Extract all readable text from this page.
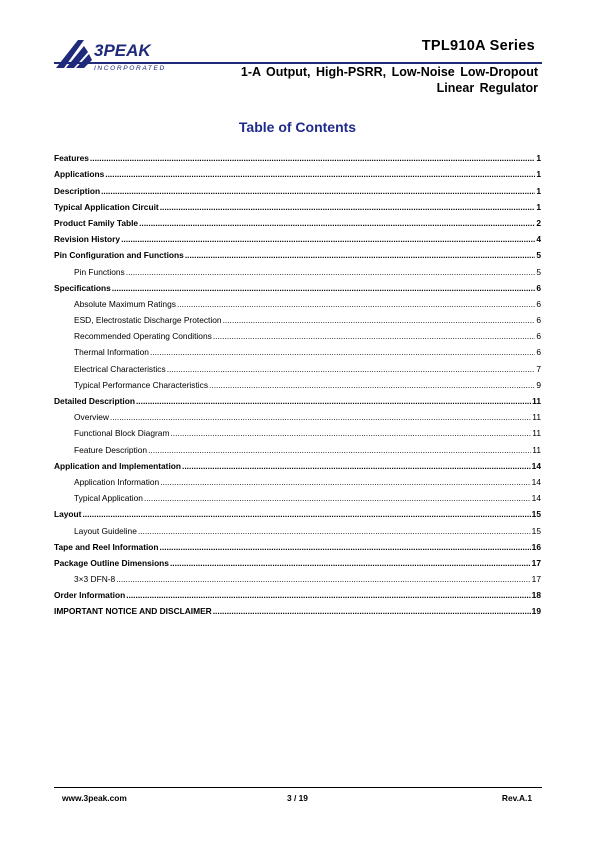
3PEAK
INCORPORATED
TPL910A Series
1-A Output, High-PSRR, Low-Noise Low-Dropout
Linear Regulator
Table of Contents
Features .....	1
Applications .....	1
Description .....	1
Typical Application Circuit .....	1
Product Family Table .....	2
Revision History .....	4
Pin Configuration and Functions .....	5
Pin Functions .....	5
Specifications .....	6
Absolute Maximum Ratings .....	6
ESD, Electrostatic Discharge Protection .....	6
Recommended Operating Conditions .....	6
Thermal Information .....	6
Electrical Characteristics .....	7
Typical Performance Characteristics .....	9
Detailed Description .....	11
Overview .....	11
Functional Block Diagram .....	11
Feature Description .....	11
Application and Implementation .....	14
Application Information .....	14
Typical Application .....	14
Layout .....	15
Layout Guideline .....	15
Tape and Reel Information .....	16
Package Outline Dimensions .....	17
3×3 DFN-8 .....	17
Order Information .....	18
IMPORTANT NOTICE AND DISCLAIMER .....	19
www.3peak.com	3 / 19	Rev.A.1
